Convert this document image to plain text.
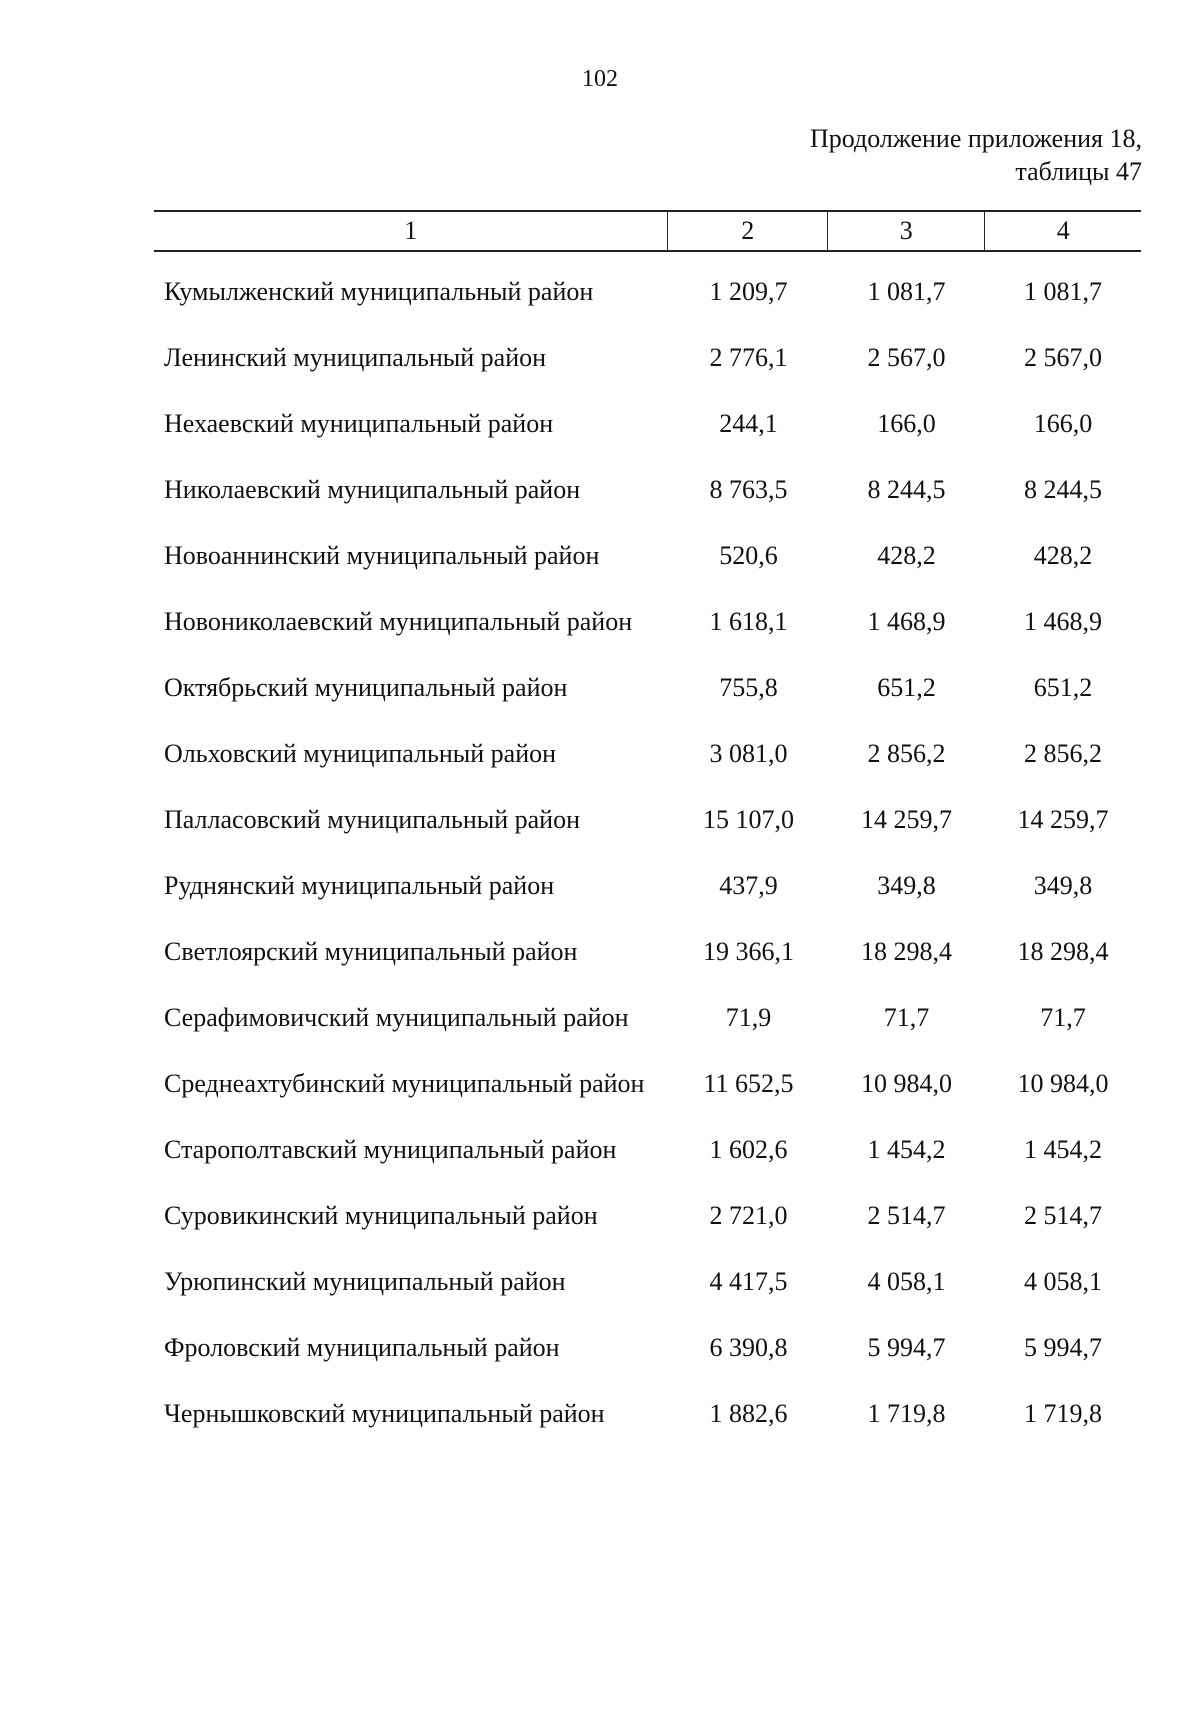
102
Продолжение приложения 18,
таблицы 47
1	2	3	4
Кумылженский муниципальный район	1 209,7	1 081,7	1 081,7
Ленинский муниципальный район	2 776,1	2 567,0	2 567,0
Нехаевский муниципальный район	244,1	166,0	166,0
Николаевский муниципальный район	8 763,5	8 244,5	8 244,5
Новоаннинский муниципальный район	520,6	428,2	428,2
Новониколаевский муниципальный район	1 618,1	1 468,9	1 468,9
Октябрьский муниципальный район	755,8	651,2	651,2
Ольховский муниципальный район	3 081,0	2 856,2	2 856,2
Палласовский муниципальный район	15 107,0	14 259,7	14 259,7
Руднянский муниципальный район	437,9	349,8	349,8
Светлоярский муниципальный район	19 366,1	18 298,4	18 298,4
Серафимовичский муниципальный район	71,9	71,7	71,7
Среднеахтубинский муниципальный район	11 652,5	10 984,0	10 984,0
Старополтавский муниципальный район	1 602,6	1 454,2	1 454,2
Суровикинский муниципальный район	2 721,0	2 514,7	2 514,7
Урюпинский муниципальный район	4 417,5	4 058,1	4 058,1
Фроловский муниципальный район	6 390,8	5 994,7	5 994,7
Чернышковский муниципальный район	1 882,6	1 719,8	1 719,8
